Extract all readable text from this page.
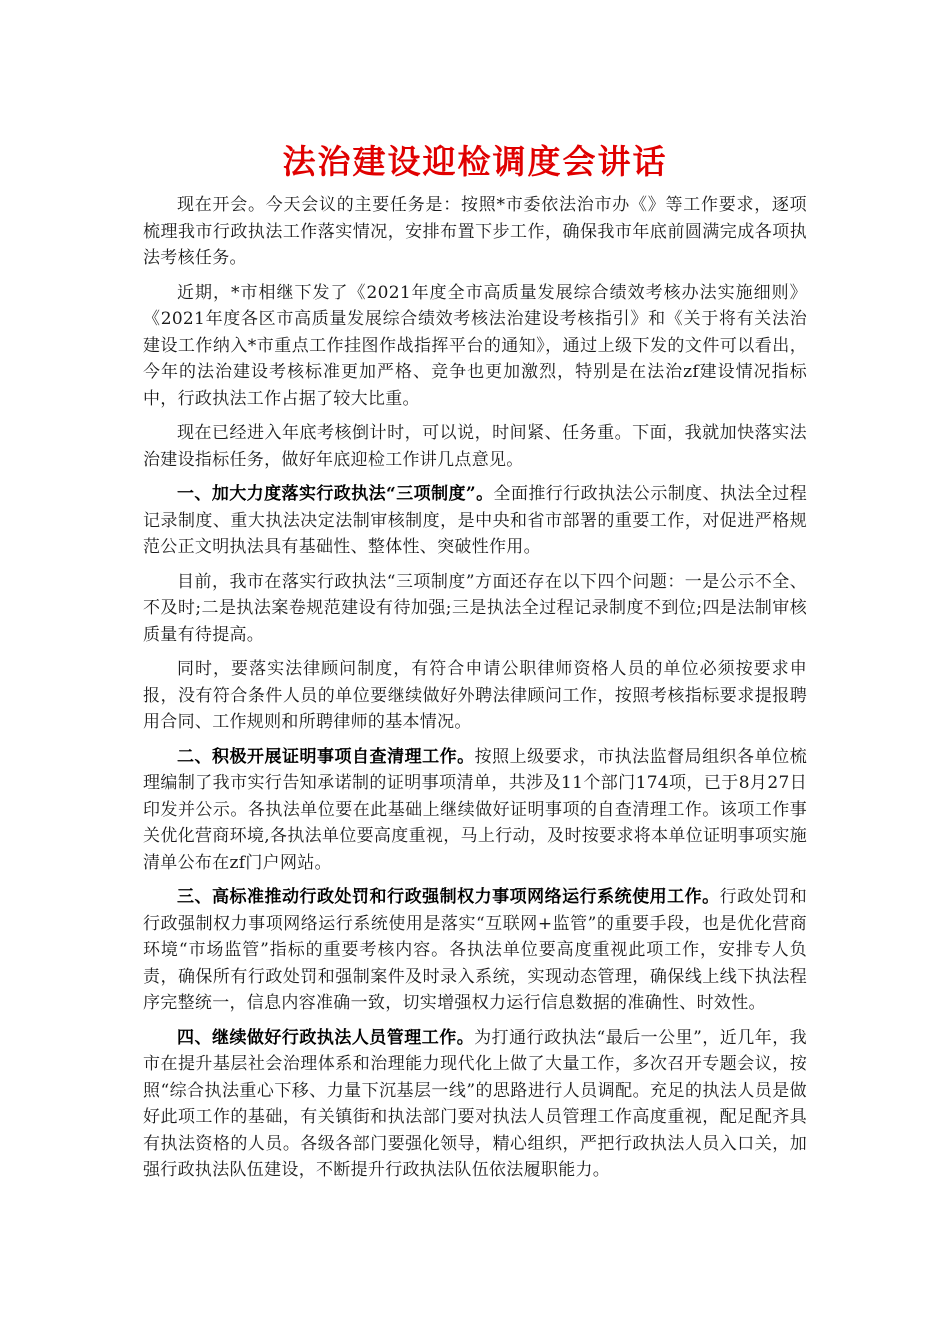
法治建设迎检调度会讲话

现在开会。今天会议的主要任务是：按照*市委依法治市办《》等工作要求，逐项梳理我市行政执法工作落实情况，安排布置下步工作，确保我市年底前圆满完成各项执法考核任务。

近期，*市相继下发了《2021年度全市高质量发展综合绩效考核办法实施细则》《2021年度各区市高质量发展综合绩效考核法治建设考核指引》和《关于将有关法治建设工作纳入*市重点工作挂图作战指挥平台的通知》，通过上级下发的文件可以看出，今年的法治建设考核标准更加严格、竞争也更加激烈，特别是在法治zf建设情况指标中，行政执法工作占据了较大比重。

现在已经进入年底考核倒计时，可以说，时间紧、任务重。下面，我就加快落实法治建设指标任务，做好年底迎检工作讲几点意见。

一、加大力度落实行政执法“三项制度”。全面推行行政执法公示制度、执法全过程记录制度、重大执法决定法制审核制度，是中央和省市部署的重要工作，对促进严格规范公正文明执法具有基础性、整体性、突破性作用。

目前，我市在落实行政执法“三项制度”方面还存在以下四个问题：一是公示不全、不及时;二是执法案卷规范建设有待加强;三是执法全过程记录制度不到位;四是法制审核质量有待提高。

同时，要落实法律顾问制度，有符合申请公职律师资格人员的单位必须按要求申报，没有符合条件人员的单位要继续做好外聘法律顾问工作，按照考核指标要求提报聘用合同、工作规则和所聘律师的基本情况。

二、积极开展证明事项自查清理工作。按照上级要求，市执法监督局组织各单位梳理编制了我市实行告知承诺制的证明事项清单，共涉及11个部门174项，已于8月27日印发并公示。各执法单位要在此基础上继续做好证明事项的自查清理工作。该项工作事关优化营商环境,各执法单位要高度重视，马上行动，及时按要求将本单位证明事项实施清单公布在zf门户网站。

三、高标准推动行政处罚和行政强制权力事项网络运行系统使用工作。行政处罚和行政强制权力事项网络运行系统使用是落实“互联网+监管”的重要手段，也是优化营商环境“市场监管”指标的重要考核内容。各执法单位要高度重视此项工作，安排专人负责，确保所有行政处罚和强制案件及时录入系统，实现动态管理，确保线上线下执法程序完整统一，信息内容准确一致，切实增强权力运行信息数据的准确性、时效性。

四、继续做好行政执法人员管理工作。为打通行政执法“最后一公里”，近几年，我市在提升基层社会治理体系和治理能力现代化上做了大量工作，多次召开专题会议，按照“综合执法重心下移、力量下沉基层一线”的思路进行人员调配。充足的执法人员是做好此项工作的基础，有关镇街和执法部门要对执法人员管理工作高度重视，配足配齐具有执法资格的人员。各级各部门要强化领导，精心组织，严把行政执法人员入口关，加强行政执法队伍建设，不断提升行政执法队伍依法履职能力。
